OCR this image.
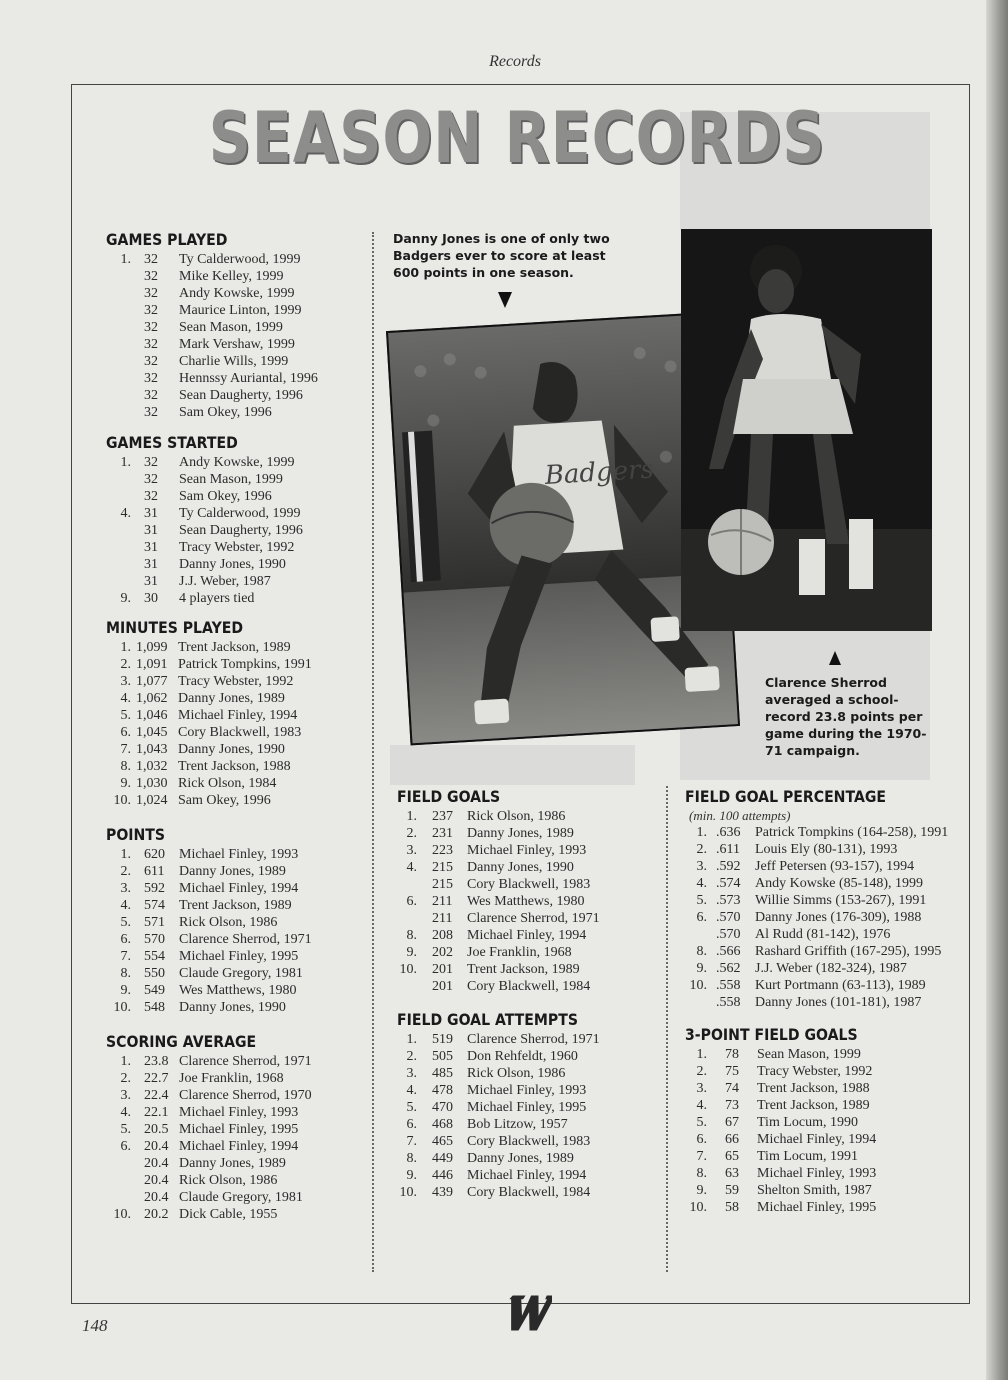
Records
SEASON RECORDS
GAMES PLAYED
1. 32 Ty Calderwood, 1999
32 Mike Kelley, 1999
32 Andy Kowske, 1999
32 Maurice Linton, 1999
32 Sean Mason, 1999
32 Mark Vershaw, 1999
32 Charlie Wills, 1999
32 Hennssy Auriantal, 1996
32 Sean Daugherty, 1996
32 Sam Okey, 1996
GAMES STARTED
1. 32 Andy Kowske, 1999
32 Sean Mason, 1999
32 Sam Okey, 1996
4. 31 Ty Calderwood, 1999
31 Sean Daugherty, 1996
31 Tracy Webster, 1992
31 Danny Jones, 1990
31 J.J. Weber, 1987
9. 30 4 players tied
MINUTES PLAYED
1. 1,099 Trent Jackson, 1989
2. 1,091 Patrick Tompkins, 1991
3. 1,077 Tracy Webster, 1992
4. 1,062 Danny Jones, 1989
5. 1,046 Michael Finley, 1994
6. 1,045 Cory Blackwell, 1983
7. 1,043 Danny Jones, 1990
8. 1,032 Trent Jackson, 1988
9. 1,030 Rick Olson, 1984
10. 1,024 Sam Okey, 1996
POINTS
1. 620 Michael Finley, 1993
2. 611 Danny Jones, 1989
3. 592 Michael Finley, 1994
4. 574 Trent Jackson, 1989
5. 571 Rick Olson, 1986
6. 570 Clarence Sherrod, 1971
7. 554 Michael Finley, 1995
8. 550 Claude Gregory, 1981
9. 549 Wes Matthews, 1980
10. 548 Danny Jones, 1990
SCORING AVERAGE
1. 23.8 Clarence Sherrod, 1971
2. 22.7 Joe Franklin, 1968
3. 22.4 Clarence Sherrod, 1970
4. 22.1 Michael Finley, 1993
5. 20.5 Michael Finley, 1995
6. 20.4 Michael Finley, 1994
20.4 Danny Jones, 1989
20.4 Rick Olson, 1986
20.4 Claude Gregory, 1981
10. 20.2 Dick Cable, 1955
Danny Jones is one of only two Badgers ever to score at least 600 points in one season.
Badgers
Clarence Sherrod averaged a school-record 23.8 points per game during the 1970-71 campaign.
FIELD GOALS
1. 237 Rick Olson, 1986
2. 231 Danny Jones, 1989
3. 223 Michael Finley, 1993
4. 215 Danny Jones, 1990
215 Cory Blackwell, 1983
6. 211 Wes Matthews, 1980
211 Clarence Sherrod, 1971
8. 208 Michael Finley, 1994
9. 202 Joe Franklin, 1968
10. 201 Trent Jackson, 1989
201 Cory Blackwell, 1984
FIELD GOAL ATTEMPTS
1. 519 Clarence Sherrod, 1971
2. 505 Don Rehfeldt, 1960
3. 485 Rick Olson, 1986
4. 478 Michael Finley, 1993
5. 470 Michael Finley, 1995
6. 468 Bob Litzow, 1957
7. 465 Cory Blackwell, 1983
8. 449 Danny Jones, 1989
9. 446 Michael Finley, 1994
10. 439 Cory Blackwell, 1984
FIELD GOAL PERCENTAGE
(min. 100 attempts)
1. .636 Patrick Tompkins (164-258), 1991
2. .611 Louis Ely (80-131), 1993
3. .592 Jeff Petersen (93-157), 1994
4. .574 Andy Kowske (85-148), 1999
5. .573 Willie Simms (153-267), 1991
6. .570 Danny Jones (176-309), 1988
.570 Al Rudd (81-142), 1976
8. .566 Rashard Griffith (167-295), 1995
9. .562 J.J. Weber (182-324), 1987
10. .558 Kurt Portmann (63-113), 1989
.558 Danny Jones (101-181), 1987
3-POINT FIELD GOALS
1. 78 Sean Mason, 1999
2. 75 Tracy Webster, 1992
3. 74 Trent Jackson, 1988
4. 73 Trent Jackson, 1989
5. 67 Tim Locum, 1990
6. 66 Michael Finley, 1994
7. 65 Tim Locum, 1991
8. 63 Michael Finley, 1993
9. 59 Shelton Smith, 1987
10. 58 Michael Finley, 1995
148
